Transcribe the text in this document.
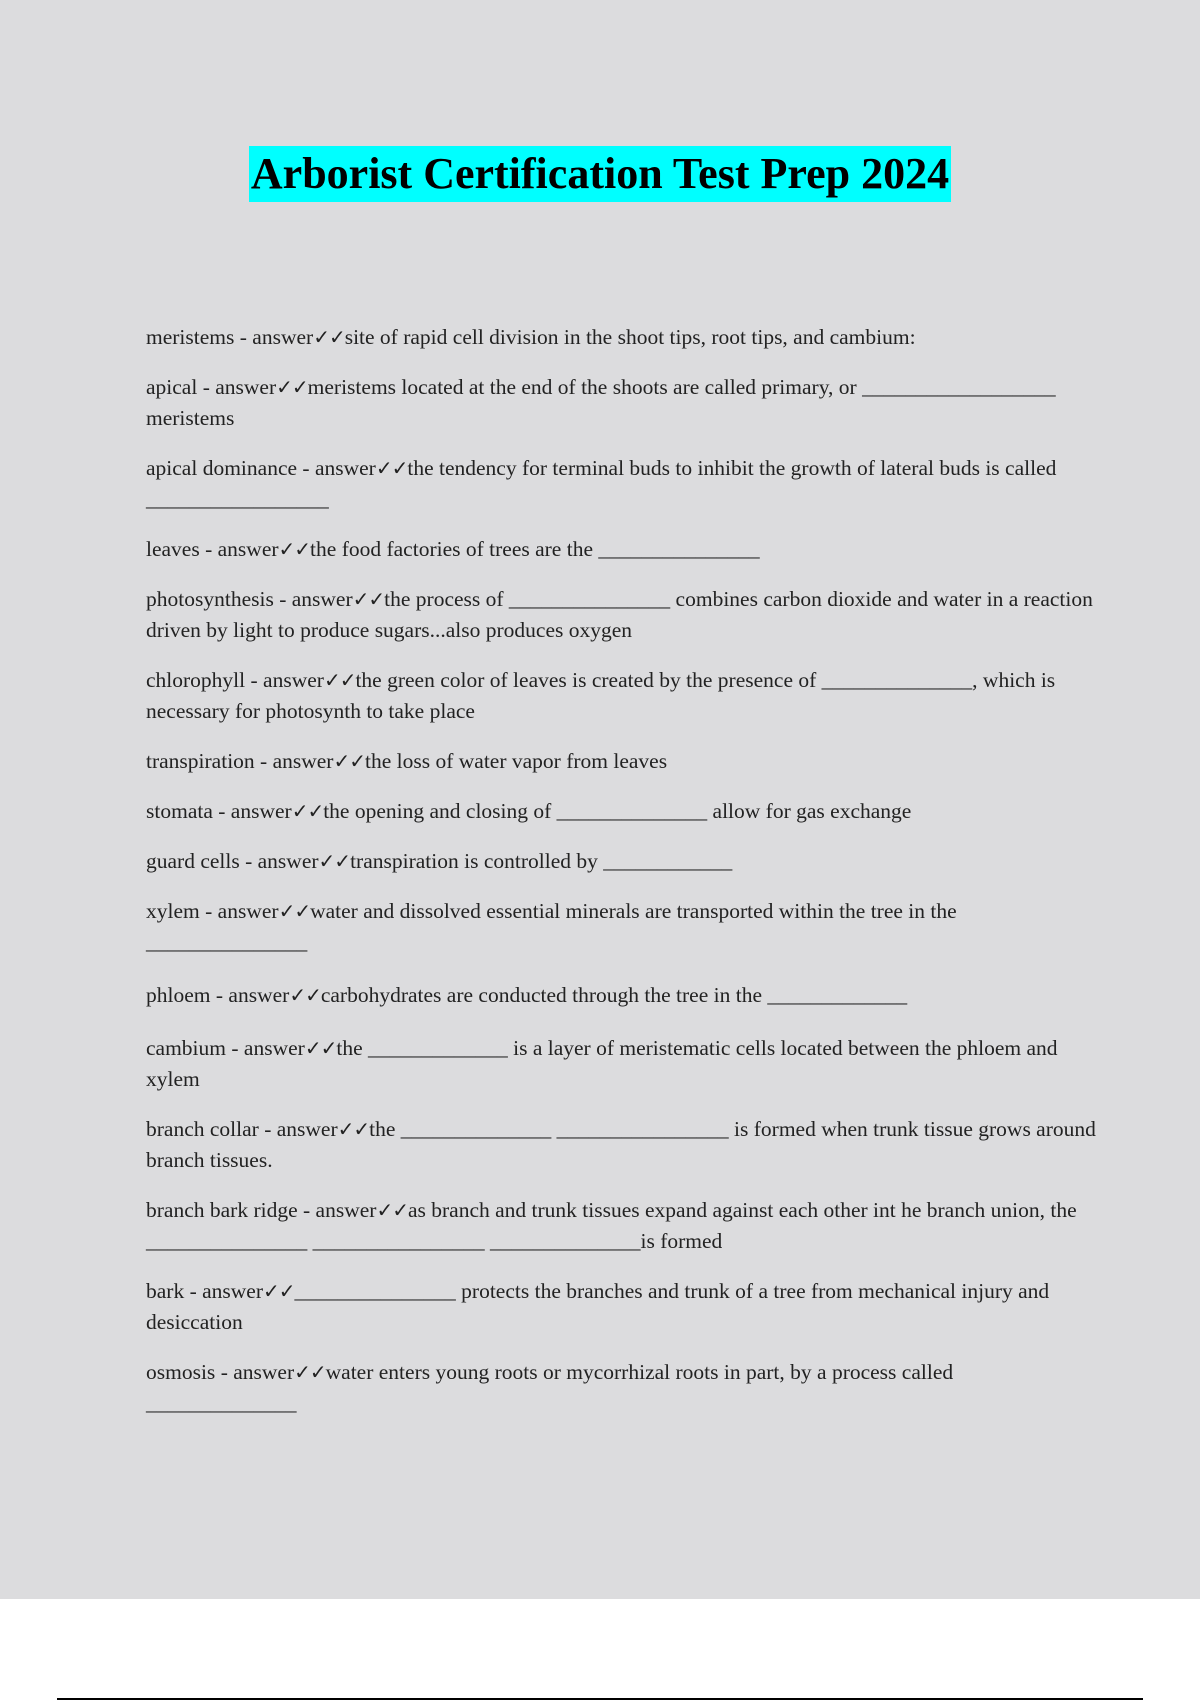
Arborist Certification Test Prep 2024
meristems - answer✓✓site of rapid cell division in the shoot tips, root tips, and cambium:
apical - answer✓✓meristems located at the end of the shoots are called primary, or __________________ meristems
apical dominance - answer✓✓the tendency for terminal buds to inhibit the growth of lateral buds is called _________________
leaves - answer✓✓the food factories of trees are the _______________
photosynthesis - answer✓✓the process of _______________ combines carbon dioxide and water in a reaction driven by light to produce sugars...also produces oxygen
chlorophyll - answer✓✓the green color of leaves is created by the presence of ______________, which is necessary for photosynth to take place
transpiration - answer✓✓the loss of water vapor from leaves
stomata - answer✓✓the opening and closing of ______________ allow for gas exchange
guard cells - answer✓✓transpiration is controlled by ____________
xylem - answer✓✓water and dissolved essential minerals are transported within the tree in the _______________
phloem - answer✓✓carbohydrates are conducted through the tree in the _____________
cambium - answer✓✓the _____________ is a layer of meristematic cells located between the phloem and xylem
branch collar - answer✓✓the ______________ ________________ is formed when trunk tissue grows around branch tissues.
branch bark ridge - answer✓✓as branch and trunk tissues expand against each other int he branch union, the _______________ ________________ ______________is formed
bark - answer✓✓_______________ protects the branches and trunk of a tree from mechanical injury and desiccation
osmosis - answer✓✓water enters young roots or mycorrhizal roots in part, by a process called ______________
